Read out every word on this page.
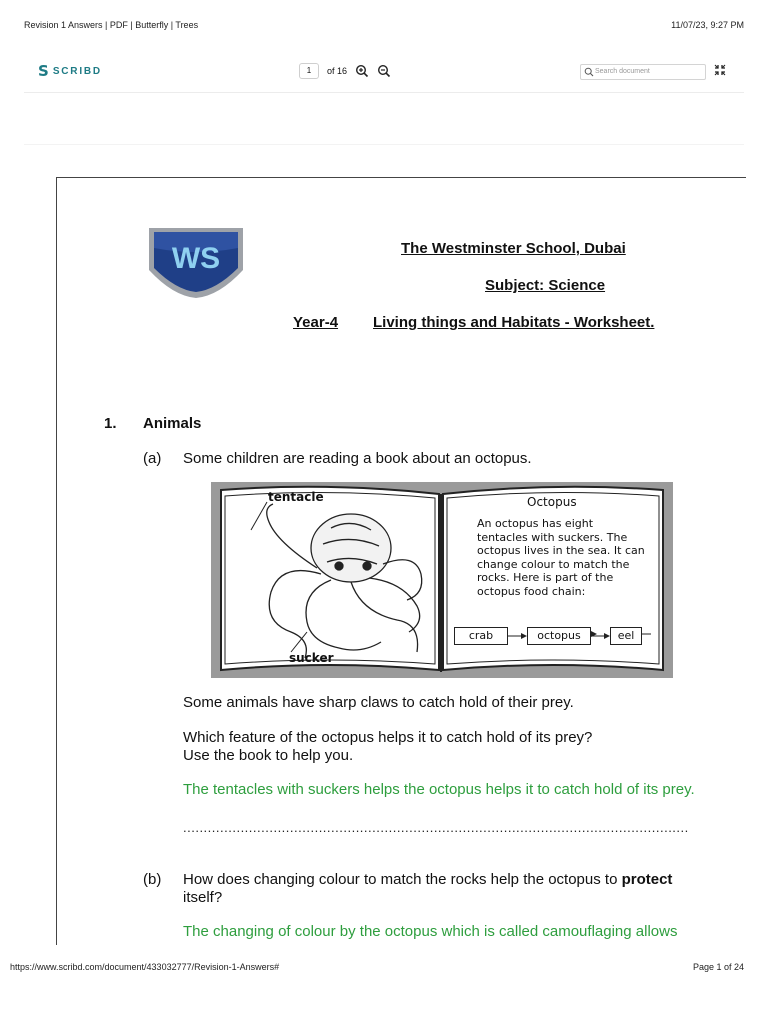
Revision 1 Answers | PDF | Butterfly | Trees	11/07/23, 9:27 PM
S SCRIBD	1	of 16	Search document
WS	The Westminster School, Dubai
Subject: Science
Year-4 Living things and Habitats - Worksheet.
1. Animals
(a) Some children are reading a book about an octopus.
tentacle
sucker
Octopus
An octopus has eight tentacles with suckers. The octopus lives in the sea. It can change colour to match the rocks. Here is part of the octopus food chain:
crab	octopus	eel
Some animals have sharp claws to catch hold of their prey.
Which feature of the octopus helps it to catch hold of its prey?
Use the book to help you.
The tentacles with suckers helps the octopus helps it to catch hold of its prey.
...........................................................................................................................
(b) How does changing colour to match the rocks help the octopus to protect
itself?
The changing of colour by the octopus which is called camouflaging allows
https://www.scribd.com/document/433032777/Revision-1-Answers#	Page 1 of 24
